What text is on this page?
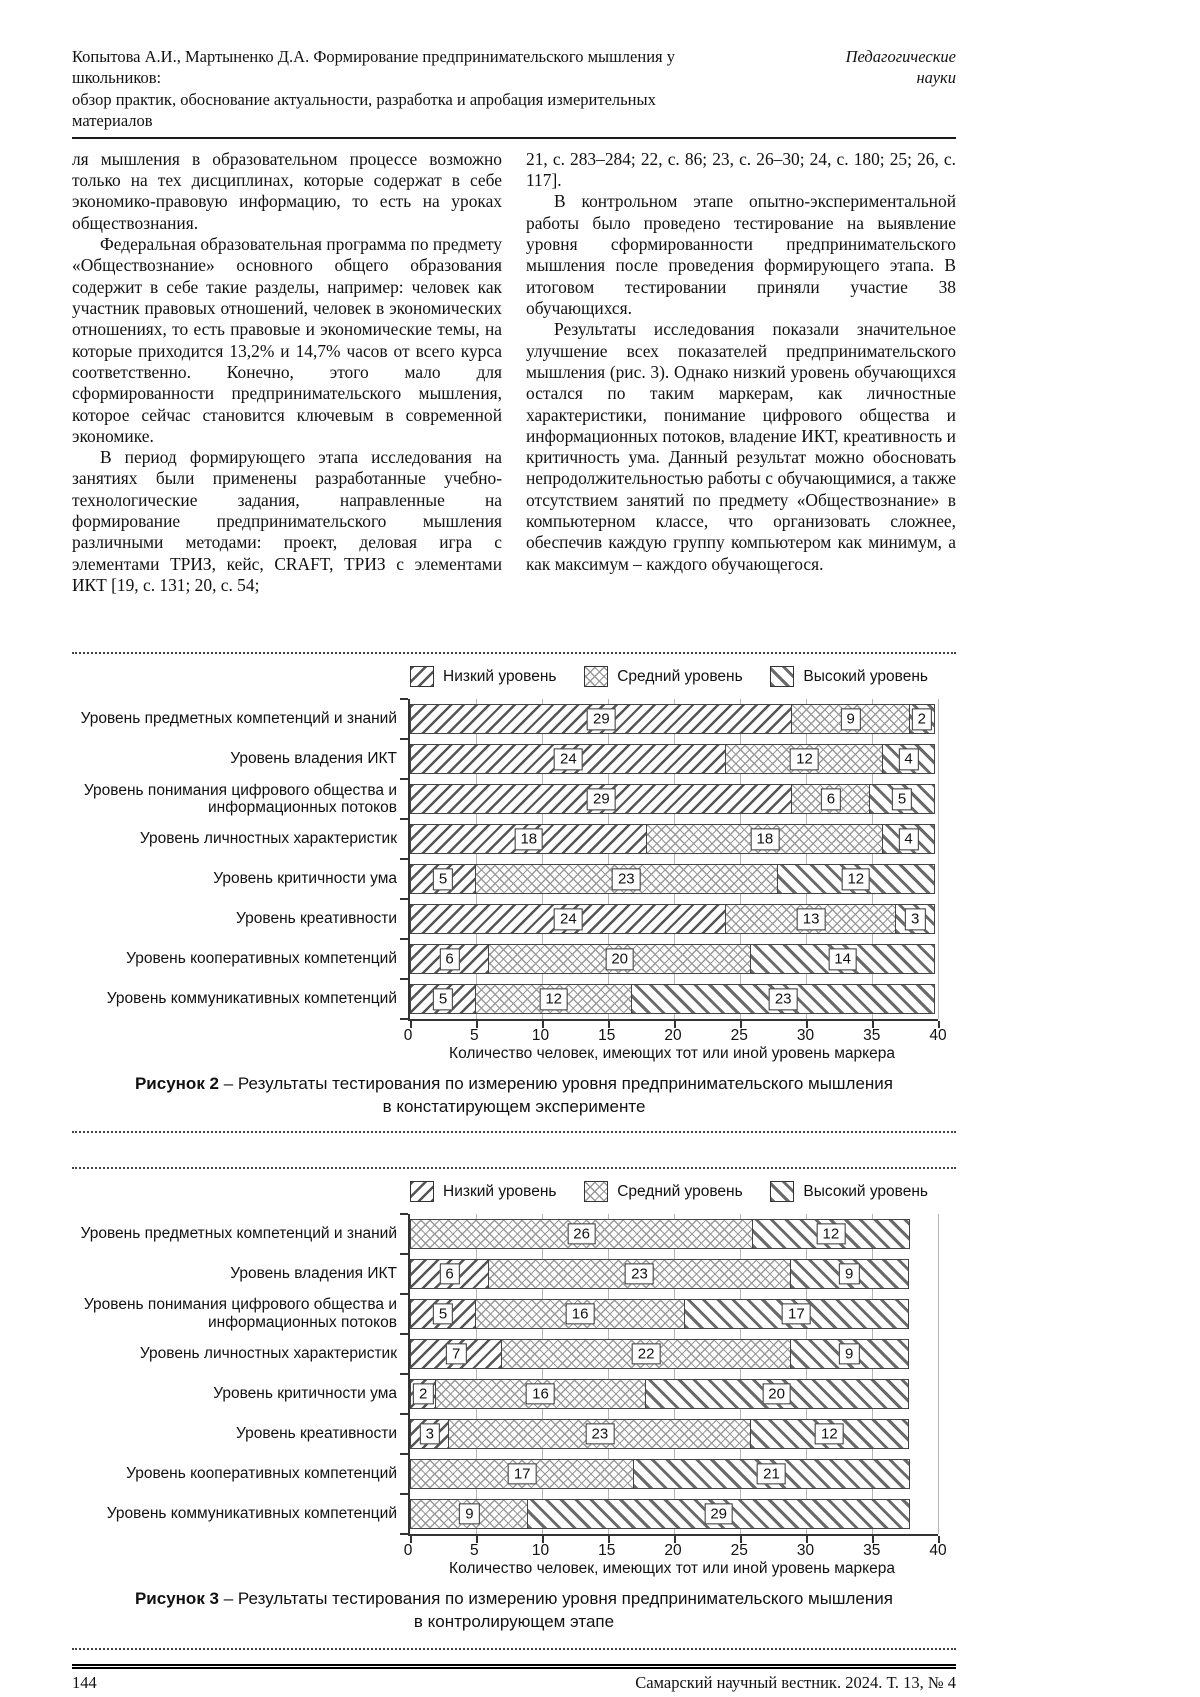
Копытова А.И., Мартыненко Д.А. Формирование предпринимательского мышления у школьников:
обзор практик, обоснование актуальности, разработка и апробация измерительных материалов
Педагогические
науки

ля мышления в образовательном процессе возможно только на тех дисциплинах, которые содержат в себе экономико-правовую информацию, то есть на уроках обществознания.

Федеральная образовательная программа по предмету «Обществознание» основного общего образования содержит в себе такие разделы, например: человек как участник правовых отношений, человек в экономических отношениях, то есть правовые и экономические темы, на которые приходится 13,2% и 14,7% часов от всего курса соответственно. Конечно, этого мало для сформированности предпринимательского мышления, которое сейчас становится ключевым в современной экономике.

В период формирующего этапа исследования на занятиях были применены разработанные учебно-технологические задания, направленные на формирование предпринимательского мышления различными методами: проект, деловая игра с элементами ТРИЗ, кейс, CRAFT, ТРИЗ с элементами ИКТ [19, с. 131; 20, с. 54;

21, с. 283–284; 22, с. 86; 23, с. 26–30; 24, с. 180; 25; 26, с. 117].

В контрольном этапе опытно-экспериментальной работы было проведено тестирование на выявление уровня сформированности предпринимательского мышления после проведения формирующего этапа. В итоговом тестировании приняли участие 38 обучающихся.

Результаты исследования показали значительное улучшение всех показателей предпринимательского мышления (рис. 3). Однако низкий уровень обучающихся остался по таким маркерам, как личностные характеристики, понимание цифрового общества и информационных потоков, владение ИКТ, креативность и критичность ума. Данный результат можно обосновать непродолжительностью работы с обучающимися, а также отсутствием занятий по предмету «Обществознание» в компьютерном классе, что организовать сложнее, обеспечив каждую группу компьютером как минимум, а как максимум – каждого обучающегося.

Низкий уровень	Средний уровень	Высокий уровень
Уровень предметных компетенций и знаний
Уровень владения ИКТ
Уровень понимания цифрового общества и информационных потоков
Уровень личностных характеристик
Уровень критичности ума
Уровень креативности
Уровень кооперативных компетенций
Уровень коммуникативных компетенций
29	9	2
24	12	4
29	6	5
18	18	4
5	23	12
24	13	3
6	20	14
5	12	23
0	5	10	15	20	25	30	35	40
Количество человек, имеющих тот или иной уровень маркера
Рисунок 2 – Результаты тестирования по измерению уровня предпринимательского мышления
в констатирующем эксперименте
Низкий уровень	Средний уровень	Высокий уровень
Уровень предметных компетенций и знаний
Уровень владения ИКТ
Уровень понимания цифрового общества и информационных потоков
Уровень личностных характеристик
Уровень критичности ума
Уровень креативности
Уровень кооперативных компетенций
Уровень коммуникативных компетенций
26	12
6	23	9
5	16	17
7	22	9
2	16	20
3	23	12
17	21
9	29
0	5	10	15	20	25	30	35	40
Количество человек, имеющих тот или иной уровень маркера
Рисунок 3 – Результаты тестирования по измерению уровня предпринимательского мышления
в контролирующем этапе
144	Самарский научный вестник. 2024. Т. 13, № 4
